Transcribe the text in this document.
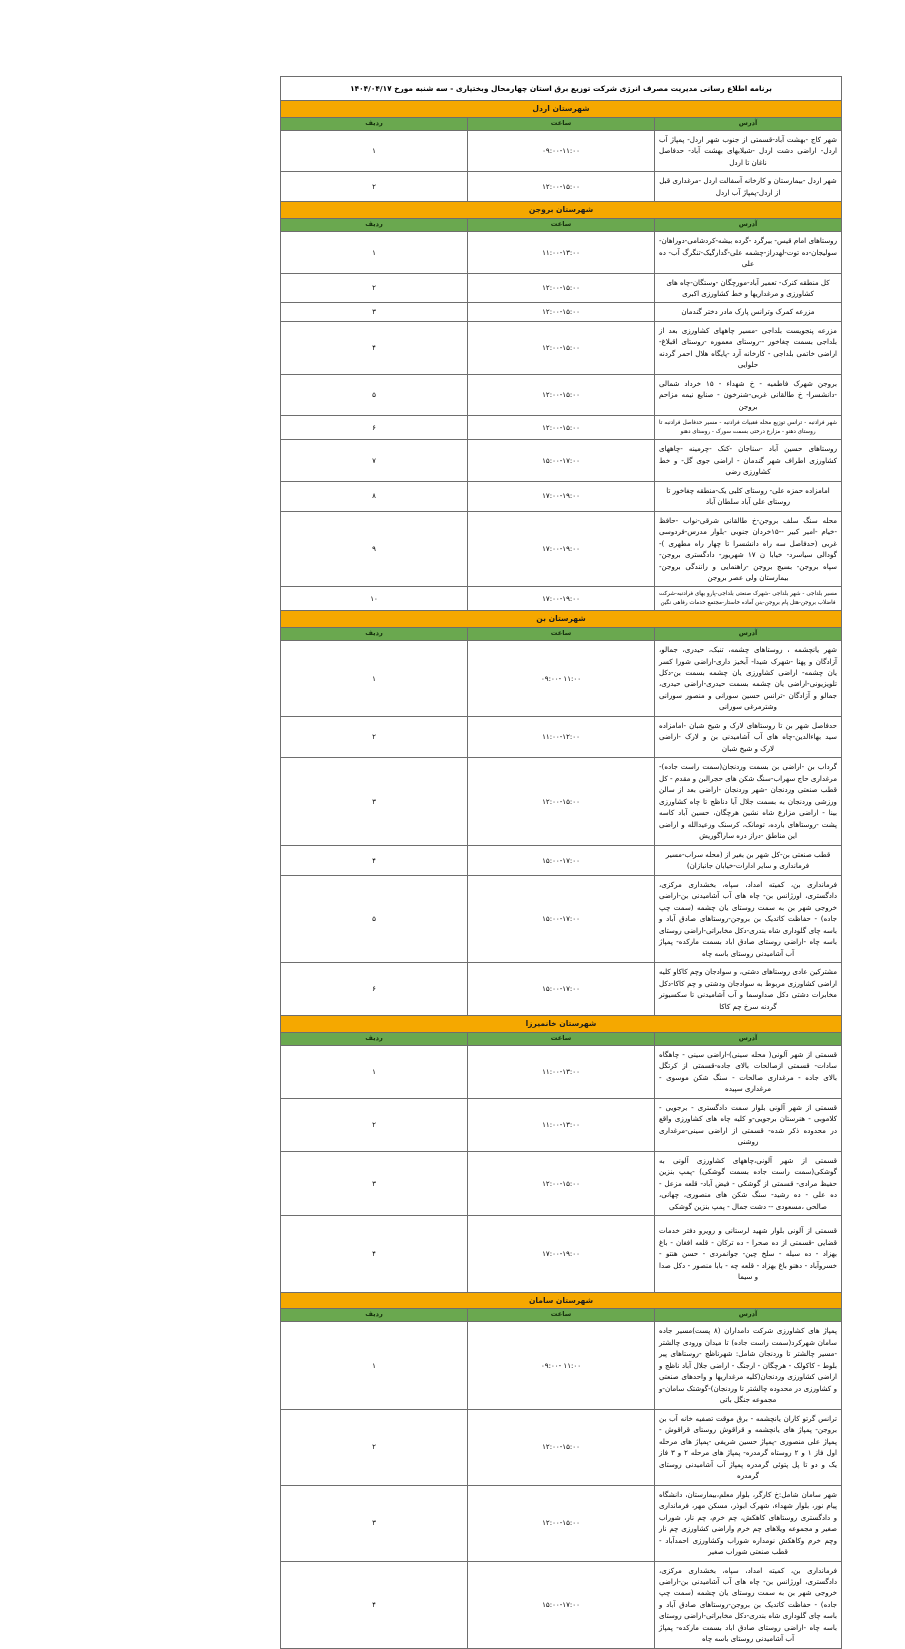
برنامه اطلاع رسانی مدیریت مصرف انرژی شرکت توزیع برق استان چهارمحال وبختیاری - سه شنبه مورخ ۱۴۰۴/۰۴/۱۷		
شهرستان اردل		
آدرس	ساعت	ردیف
شهر کاج -بهشت آباد-قسمتی از جنوب شهر اردل- پمپاژ آب اردل- اراضی دشت اردل -شیلابهای بهشت آباد- حدفاصل ناغان تا اردل	۰۹:۰۰-۱۱:۰۰	۱
شهر اردل -بیمارستان و کارخانه آسفالت اردل -مرغداری قبل از اردل-پمپاژ آب اردل	۱۲:۰۰-۱۵:۰۰	۲
شهرستان بروجن		
آدرس	ساعت	ردیف
روستاهای امام قیس- بیرگرد -گرده بیشه-کردشامی-دوراهان-سولیجان-ده توت-لهدراز-چشمه علی-گدارگیک-تنگرگ آب- ده علی	۱۱:۰۰-۱۳:۰۰	۱
کل منطقه کنرک- تعمیر آباد-مورچگان -وستگان-چاه های کشاورزی و مرغداریها و خط کشاورزی اکبری	۱۲:۰۰-۱۵:۰۰	۲
مزرعه کمرک وترانس پارک مادر دختر گندمان	۱۲:۰۰-۱۵:۰۰	۳
مزرعه پنجویست بلداجی -مسیر چاههای کشاورزی بعد از بلداجی بسمت چغاخور --روستای معموره -روستای اقبلاغ- اراضی خاتمی بلداجی - کارخانه آرد -پایگاه هلال احمر گردنه حلوایی	۱۲:۰۰-۱۵:۰۰	۴
بروجن شهرک فاطمیه - خ شهداء - ۱۵ خرداد شمالی -دانشسرا- خ طالقانی غربی-شنرخون - صنایع نیمه مزاحم بروجن	۱۲:۰۰-۱۵:۰۰	۵
شهر فرادنبه - ترانس توزیع محله فقبیات فرادنبه - مسیر حدفاصل فرادنبه تا روستای دهنو - مزارع درختی بسمت سورک - روستای دهنو	۱۲:۰۰-۱۵:۰۰	۶
روستاهای حسین آباد -سناجان -کنک -چرمینه -چاههای کشاورزی اطراف شهر گندمان - اراضی جوی گل- و خط کشاورزی رضی	۱۵:۰۰-۱۷:۰۰	۷
امامزاده حمزه علی- روستای کلبی یک-منطقه چغاخور تا روستای علی آباد سلطان آباد	۱۷:۰۰-۱۹:۰۰	۸
محله سنگ سلف بروجن-خ طالقانی شرقی-نواب -حافظ -خیام -امیر کبیر --۱۵خردان جنوبی -بلوار مدرس-فردوسی غربی (حدفاصل سه راه دانشسرا تا چهار راه مطهری )-گودالی سیاسرد- خیابا ن ۱۷ شهریور- دادگستری بروجن- سپاه بروجن- بسیج بروجن -راهنمایی و رانندگی بروجن-بیمارستان ولی عصر بروجن	۱۷:۰۰-۱۹:۰۰	۹
مسیر بلداجی - شهر بلداجی -شهرک صنعتی بلداجی-پارو بهای فرادنبه-شرکت فاضلاب بروجن-هتل پام بروجن-بنن آماده خاستار-مجتمع خدمات رفاهی نگین	۱۷:۰۰-۱۹:۰۰	۱۰
شهرستان بن		
آدرس	ساعت	ردیف
شهر یانچشمه ، روستاهای چشمه، تنبک، حیدری، جمالو، آزادگان و پهنا -شهرک شیدا- آبخیز داری-اراضی شورا کسر یان چشمه- اراضی کشاورزی یان چشمه بسمت بن-دکل تلویزیونی-اراضی یان چشمه بسمت حیدری-اراضی حیدری، جمالو و آزادگان -ترانس حسین سورانی و منصور سورانی وشترمرغی سورانی	۰۹:۰۰- ۱۱:۰۰	۱
حدفاصل شهر بن تا روستاهای لارک و شیخ شبان -امامزاده سید بهاءالدین-چاه های آب آشامیدنی بن و لارک -اراضی لارک و شیخ شبان	۱۱:۰۰-۱۲:۰۰	۲
گرداب بن -اراضی بن بسمت وردنجان(سمت راست جاده)-مرغداری حاج سهراب-سنگ شکن های حجرالبن و مقدم - کل قطب صنعتی وردنجان -شهر وردنجان -اراضی بعد از سالن ورزشی وردنجان به بسمت جلال آبا دناظج تا چاه کشاورزی بینا - اراضی مزارع شاه نشین هرچگان، حسین آباد کاسه پشت -روستاهای بارده، تومانک، کرسنک ورعیدالله و اراضی این مناطق -دراز دره ساراگوریش	۱۲:۰۰-۱۵:۰۰	۳
قطب صنعتی بن-کل شهر بن بغیر از (محله سراب-مسیر فرمانداری و سایر ادارات-خیابان جانبازان)	۱۵:۰۰-۱۷:۰۰	۴
فرمانداری بن، کمیته امداد، سپاه، بخشداری مرکزی، دادگستری، اورژانس بن- چاه های آب آشامیدنی بن-اراضی خروجی شهر بن به سمت روستای یان چشمه (سمت چپ جاده) - حفاظت کاتدیک بن بروجن-روستاهای صادق آباد و باسه چای گلوداری شاه بندری-دکل مخابراتی-اراضی روستای باسه چاه -اراضی روستای صادق اباد بسمت مارکده- پمپاژ آب آشامیدنی روستای باسه چاه	۱۵:۰۰-۱۷:۰۰	۵
مشترکین عادی روستاهای دشتی، و سوادجان وچم کاکاو کلیه اراضی کشاورزی مربوط به سوادجان ودشتی و چم کاکا-دکل مخابرات دشتی دکل صداوسما و آب آشامیدنی تا سکسیونر گردنه سرخ چم کاکا	۱۵:۰۰-۱۷:۰۰	۶
شهرستان خانمیرزا		
آدرس	ساعت	ردیف
قسمتی از شهر آلونی( محله سینی)-اراضی سینی - چاهگاه سادات- قسمتی ازصالحات بالای جاده-قسمتی از کرتگل بالای جاده - مرغداری صالحات - سنگ شکن موسوی - مرغداری سپیده	۱۱:۰۰-۱۳:۰۰	۱
قسمتی از شهر آلونی بلوار سمت دادگستری - برجویی - کلاموبی - هنرستان برجویی-و کلیه چاه های کشاورزی واقع در محدوده ذکر شده- قسمتی از اراضی سینی-مرغداری روشنی	۱۱:۰۰-۱۳:۰۰	۲
قسمتی از شهر آلونی،چاههای کشاورزی آلونی به گوشکی(سمت راست جاده بسمت گوشکی) -پمپ بنزین حفیظ مرادی- قسمتی از گوشکی - فیض آباد- قلعه مزعل - ده علی - ده رشید- سنگ شکن های منصوری، چهانی، صالحی ،مسعودی -- دشت جمال - پمپ بنزین گوشکی	۱۲:۰۰-۱۵:۰۰	۳
قسمتی از آلونی بلوار شهید لرستانی و رویرو دفتر خدمات قضایی -قسمتی از ده صحرا - ده ترکان - قلعه افغان - باغ بهزاد - ده سیله - سلخ چین- جوانمردی - حسن هنتو - خسروآباد - دهنو باغ بهزاد - قلعه چه - بابا منصور - دکل صدا و سیما	۱۷:۰۰-۱۹:۰۰	۴
شهرستان سامان		
آدرس	ساعت	ردیف
پمپاژ های کشاورزی شرکت دامداران (۸ پست)مسیر جاده سامان شهرکرد(سمت راست جاده) تا میدان ورودی چالشتر -مسیر چالشتر تا وردنجان شامل: شهرناظج -روستاهای پیر بلوط - کاکولک - هرچگان - ارجنگ - اراضی جلال آباد ناظج و اراضی کشاورزی وردنجان(کلیه مرغداریها و واحدهای صنعتی و کشاورزی در محدوده چالشتر تا وردنجان)-گوشتک سامان-و مجموعه جنگل باتی	۰۹:۰۰- ۱۱:۰۰	۱
ترانس گرتو کاران یانچشمه - برق موقت تصفیه خانه آب بن بروجن- پمپاژ های یانچشمه و قراقوش روستای قراقوش - پمپاژ علی منصوری -پمپاژ حسین شریفی -پمپاژ های مرحله اول فاز ۱ و ۲ روستاه گرمدره- پمپاژ های مرحله ۲ و ۳ فاز یک و دو تا پل پتوئی گرمدره پمپاژ آب آشامیدنی روستای گرمدره	۱۲:۰۰-۱۵:۰۰	۲
شهر سامان شامل:خ کارگر، بلوار معلم،بیمارستان، دانشگاه پیام نور، بلوار شهداء، شهرک ابوذر، مسکن مهر، فرمانداری و دادگستری روستاهای کاهکش، چم خرم، چم نار، شوراب صغیر و مجموعه ویلاهای چم خرم واراضی کشاورزی چم نار وچم خرم وکاهکش نومداره شوراب وکشاورزی احمدآباد - قطب صنعتی شوراب صغیر	۱۲:۰۰-۱۵:۰۰	۳
فرمانداری بن، کمیته امداد، سپاه، بخشداری مرکزی، دادگستری، اورژانس بن- چاه های آب آشامیدنی بن-اراضی خروجی شهر بن به سمت روستای یان چشمه (سمت چپ جاده) - حفاظت کاتدیک بن بروجن-روستاهای صادق آباد و باسه چای گلوداری شاه بندری-دکل مخابراتی-اراضی روستای باسه چاه -اراضی روستای صادق اباد بسمت مارکده- پمپاژ آب آشامیدنی روستای باسه چاه	۱۵:۰۰-۱۷:۰۰	۴
